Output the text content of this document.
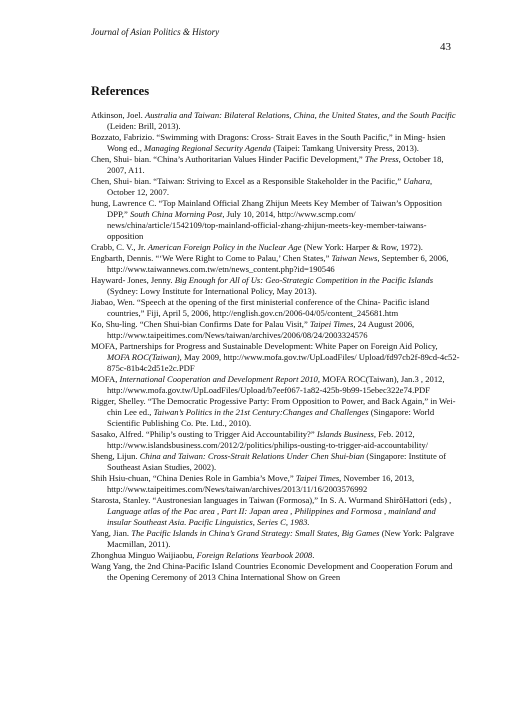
Journal of Asian Politics & History
43
References

Atkinson, Joel. Australia and Taiwan: Bilateral Relations, China, the United States, and the South Pacific (Leiden: Brill, 2013).

Bozzato, Fabrizio. “Swimming with Dragons: Cross- Strait Eaves in the South Pacific,” in Ming- hsien Wong ed., Managing Regional Security Agenda (Taipei: Tamkang University Press, 2013).

Chen, Shui- bian. “China’s Authoritarian Values Hinder Pacific Development,” The Press, October 18, 2007, A11.

Chen, Shui- bian. “Taiwan: Striving to Excel as a Responsible Stakeholder in the Pacific,” Uahara, October 12, 2007.

hung, Lawrence C. “Top Mainland Official Zhang Zhijun Meets Key Member of Taiwan’s Opposition DPP,” South China Morning Post, July 10, 2014, http://www.scmp.com/ news/china/article/1542109/top-mainland-official-zhang-zhijun-meets-key-member-taiwans-opposition

Crabb, C. V., Jr. American Foreign Policy in the Nuclear Age (New York: Harper & Row, 1972).

Engbarth, Dennis. “‘We Were Right to Come to Palau,’ Chen States,” Taiwan News, September 6, 2006, http://www.taiwannews.com.tw/etn/news_content.php?id=190546

Hayward- Jones, Jenny. Big Enough for All of Us: Geo-Strategic Competition in the Pacific Islands (Sydney: Lowy Institute for International Policy, May 2013).

Jiabao, Wen. “Speech at the opening of the first ministerial conference of the China- Pacific island countries,” Fiji, April 5, 2006, http://english.gov.cn/2006-04/05/content_245681.htm

Ko, Shu-ling. “Chen Shui-bian Confirms Date for Palau Visit,” Taipei Times, 24 August 2006, http://www.taipeitimes.com/News/taiwan/archives/2006/08/24/2003324576

MOFA, Partnerships for Progress and Sustainable Development: White Paper on Foreign Aid Policy, MOFA ROC(Taiwan), May 2009, http://www.mofa.gov.tw/UpLoadFiles/ Upload/fd97cb2f-89cd-4c52-875c-81b4c2d51e2c.PDF

MOFA, International Cooperation and Development Report 2010, MOFA ROC(Taiwan), Jan.3 , 2012, http://www.mofa.gov.tw/UpLoadFiles/Upload/b7eef067-1a82-425b-9b99-15ebec322e74.PDF

Rigger, Shelley. “The Democratic Progessive Party: From Opposition to Power, and Back Again,” in Wei-chin Lee ed., Taiwan’s Politics in the 21st Century:Changes and Challenges (Singapore: World Scientific Publishing Co. Pte. Ltd., 2010).

Sasako, Alfred. “Philip’s ousting to Trigger Aid Accountability?” Islands Business, Feb. 2012, http://www.islandsbusiness.com/2012/2/politics/philips-ousting-to-trigger-aid-accountability/

Sheng, Lijun. China and Taiwan: Cross-Strait Relations Under Chen Shui-bian (Singapore: Institute of Southeast Asian Studies, 2002).

Shih Hsiu-chuan, “China Denies Role in Gambia’s Move,” Taipei Times, November 16, 2013, http://www.taipeitimes.com/News/taiwan/archives/2013/11/16/2003576992

Starosta, Stanley. “Austronesian languages in Taiwan (Formosa),” In S. A. Wurmand ShirôHattori (eds) , Language atlas of the Pac area , Part II: Japan area , Philippines and Formosa , mainland and insular Southeast Asia. Pacific Linguistics, Series C, 1983.

Yang, Jian. The Pacific Islands in China’s Grand Strategy: Small States, Big Games (New York: Palgrave Macmillan, 2011).

Zhonghua Minguo Waijiaobu, Foreign Relations Yearbook 2008.

Wang Yang, the 2nd China-Pacific Island Countries Economic Development and Cooperation Forum and the Opening Ceremony of 2013 China International Show on Green
